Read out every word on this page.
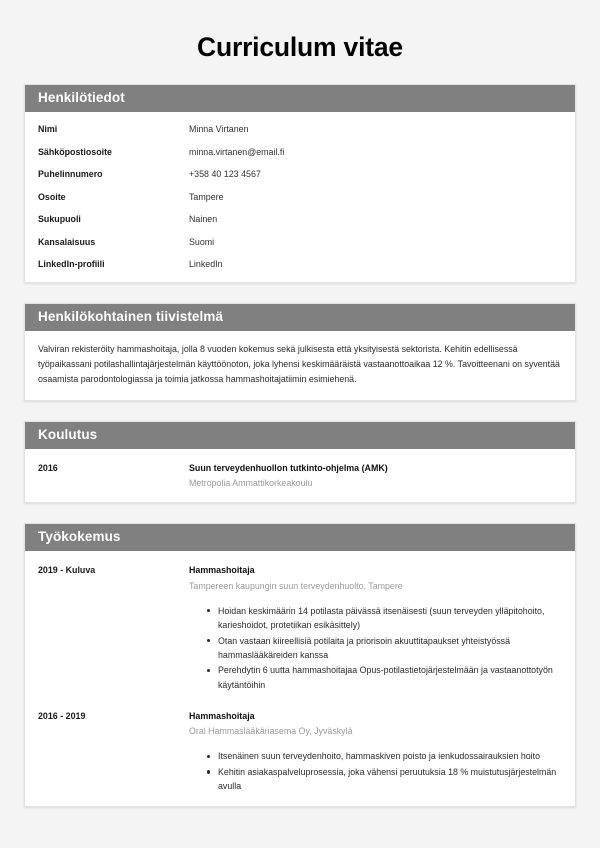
Curriculum vitae
Henkilötiedot
Nimi	Minna Virtanen
Sähköpostiosoite	minna.virtanen@email.fi
Puhelinnumero	+358 40 123 4567
Osoite	Tampere
Sukupuoli	Nainen
Kansalaisuus	Suomi
LinkedIn-profiili	LinkedIn
Henkilökohtainen tiivistelmä

Valviran rekisteröity hammashoitaja, jolla 8 vuoden kokemus sekä julkisesta että yksityisestä sektorista. Kehitin edellisessä työpaikassani potilashallintajärjestelmän käyttöönoton, joka lyhensi keskimääräistä vastaanottoaikaa 12 %. Tavoitteenani on syventää osaamista parodontologiassa ja toimia jatkossa hammashoitajatiimin esimiehenä.

Koulutus
2016	Suun terveydenhuollon tutkinto-ohjelma (AMK)
Metropolia Ammattikorkeakoulu
Työkokemus
2019 - Kuluva	Hammashoitaja
Tampereen kaupungin suun terveydenhuolto, Tampere
Hoidan keskimäärin 14 potilasta päivässä itsenäisesti (suun terveyden ylläpitohoito, karieshoidot, protetiikan esikäsittely)
Otan vastaan kiireellisiä potilaita ja priorisoin akuuttitapaukset yhteistyössä hammaslääkäreiden kanssa
Perehdytin 6 uutta hammashoitajaa Opus-potilastietojärjestelmään ja vastaanottotyön käytäntöihin
2016 - 2019	Hammashoitaja
Oral Hammaslääkäriasema Oy, Jyväskylä
Itsenäinen suun terveydenhoito, hammaskiven poisto ja ienkudossairauksien hoito
Kehitin asiakaspalveluprosessia, joka vähensi peruutuksia 18 % muistutusjärjestelmän avulla
